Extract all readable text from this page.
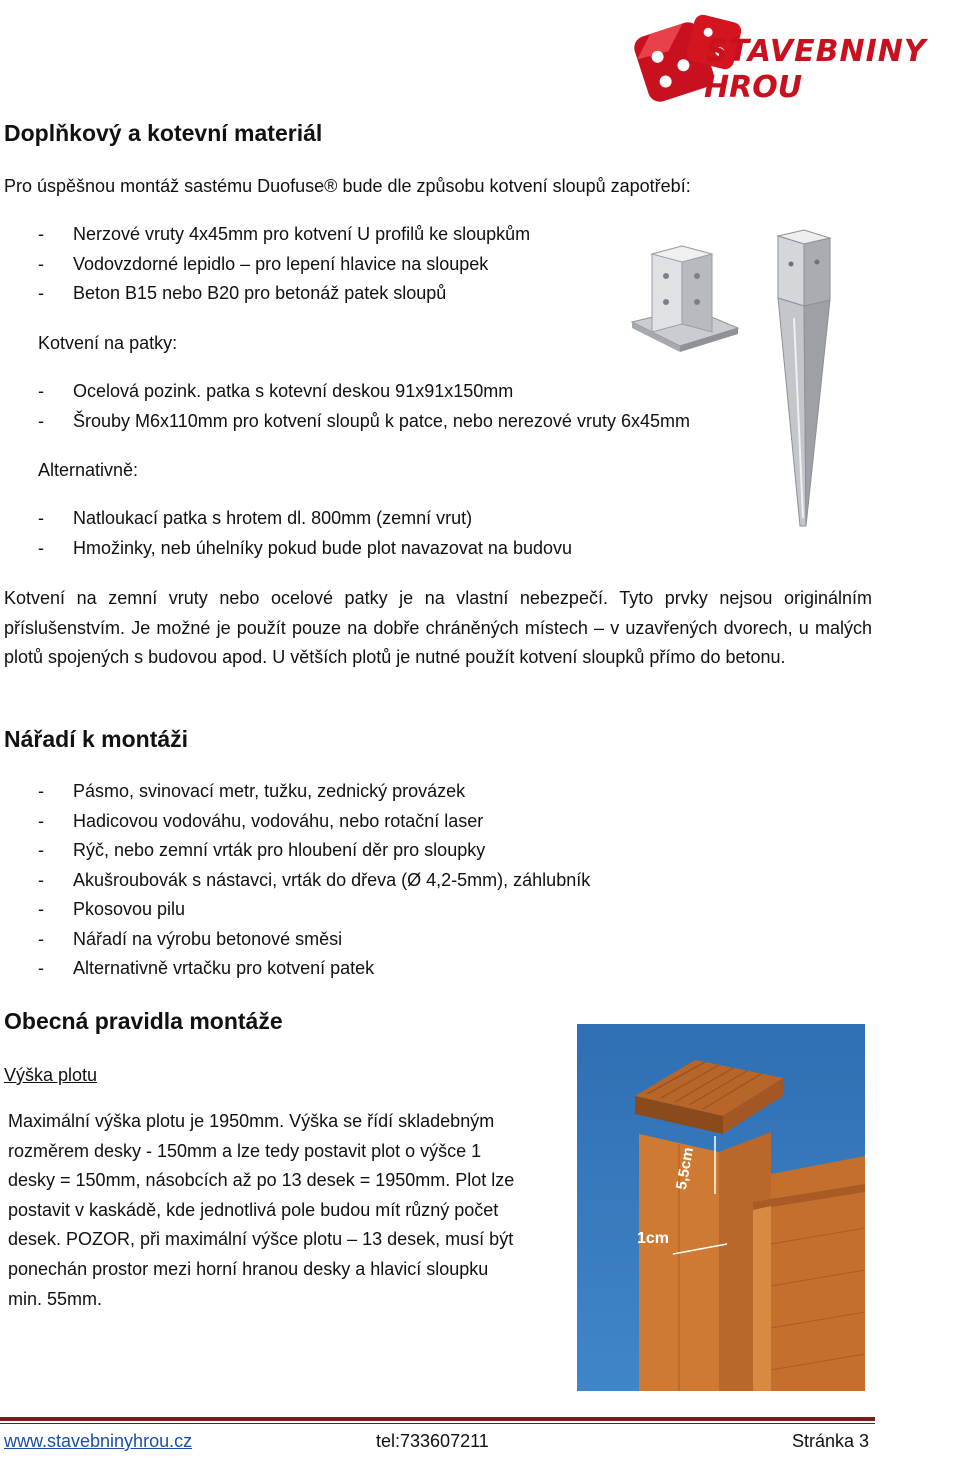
STAVEBNINY
HROU
Doplňkový a kotevní materiál
Pro úspěšnou montáž sastému Duofuse® bude dle způsobu kotvení sloupů zapotřebí:
- Nerzové vruty 4x45mm pro kotvení U profilů ke sloupkům
- Vodovzdorné lepidlo – pro lepení hlavice na sloupek
- Beton B15 nebo B20 pro betonáž patek sloupů
Kotvení na patky:
- Ocelová pozink. patka s kotevní deskou 91x91x150mm
- Šrouby M6x110mm pro kotvení sloupů k patce, nebo nerezové vruty 6x45mm
Alternativně:
- Natloukací patka s hrotem dl. 800mm (zemní vrut)
- Hmožinky, neb úhelníky pokud bude plot navazovat na budovu
Kotvení na zemní vruty nebo ocelové patky je na vlastní nebezpečí. Tyto prvky nejsou originálním příslušenstvím. Je možné je použít pouze na dobře chráněných místech – v uzavřených dvorech, u malých plotů spojených s budovou apod. U větších plotů je nutné použít kotvení sloupků přímo do betonu.
Nářadí k montáži
- Pásmo, svinovací metr, tužku, zednický provázek
- Hadicovou vodováhu, vodováhu, nebo rotační laser
- Rýč, nebo zemní vrták pro hloubení děr pro sloupky
- Akušroubovák s nástavci, vrták do dřeva (Ø 4,2-5mm), záhlubník
- Pkosovou pilu
- Nářadí na výrobu betonové směsi
- Alternativně vrtačku pro kotvení patek
Obecná pravidla montáže
Výška plotu
Maximální výška plotu je 1950mm. Výška se řídí skladebným
rozměrem desky - 150mm a lze tedy postavit plot o výšce 1
desky = 150mm, násobcích až po 13 desek = 1950mm. Plot lze
postavit v kaskádě, kde jednotlivá pole budou mít různý počet
desek. POZOR, při maximální výšce plotu – 13 desek, musí být
ponechán prostor mezi horní hranou desky a hlavicí sloupku
min. 55mm.
5,5cm
1cm
www.stavebninyhrou.cz	tel:733607211	Stránka 3
